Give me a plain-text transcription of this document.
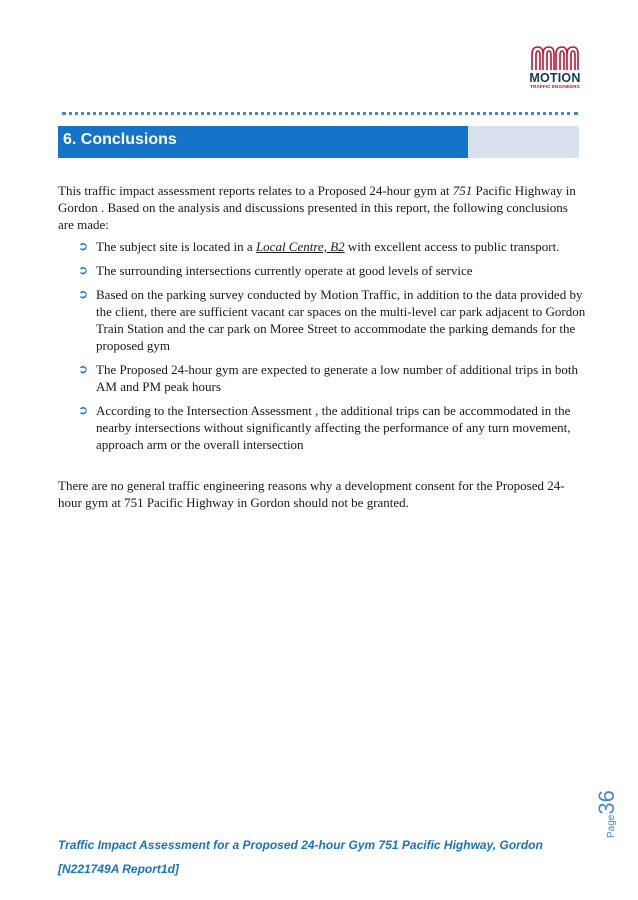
MOTION
TRAFFIC ENGINEERS
6. Conclusions

This traffic impact assessment reports relates to a Proposed 24-hour gym at 751 Pacific Highway in Gordon . Based on the analysis and discussions presented in this report, the following conclusions are made:

➲ The subject site is located in a Local Centre, B2 with excellent access to public transport.
➲ The surrounding intersections currently operate at good levels of service
➲ Based on the parking survey conducted by Motion Traffic, in addition to the data provided by the client, there are sufficient vacant car spaces on the multi-level car park adjacent to Gordon Train Station and the car park on Moree Street to accommodate the parking demands for the proposed gym
➲ The Proposed 24-hour gym are expected to generate a low number of additional trips in both AM and PM peak hours
➲ According to the Intersection Assessment , the additional trips can be accommodated in the nearby intersections without significantly affecting the performance of any turn movement, approach arm or the overall intersection

There are no general traffic engineering reasons why a development consent for the Proposed 24-hour gym at 751 Pacific Highway in Gordon should not be granted.

Page36
Traffic Impact Assessment for a Proposed 24-hour Gym 751 Pacific Highway, Gordon
[N221749A Report1d]
